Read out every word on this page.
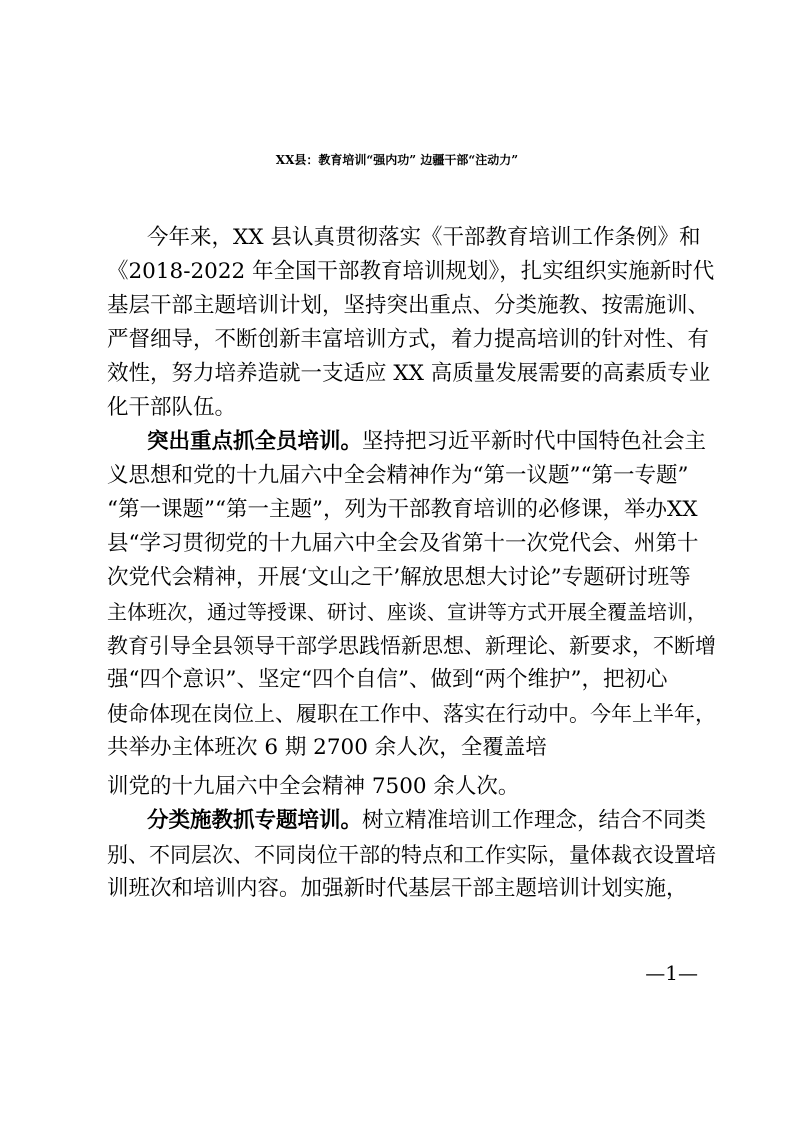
XX县：教育培训“强内功” 边疆干部“注动力”
今年来，XX 县认真贯彻落实《干部教育培训工作条例》和
《2018-2022 年全国干部教育培训规划》，扎实组织实施新时代
基层干部主题培训计划，坚持突出重点、分类施教、按需施训、
严督细导，不断创新丰富培训方式，着力提高培训的针对性、有
效性，努力培养造就一支适应 XX 高质量发展需要的高素质专业
化干部队伍。
突出重点抓全员培训。坚持把习近平新时代中国特色社会主
义思想和党的十九届六中全会精神作为“第一议题”“第一专题”
“第一课题”“第一主题”，列为干部教育培训的必修课，举办XX
县“学习贯彻党的十九届六中全会及省第十一次党代会、州第十
次党代会精神，开展‘文山之干’解放思想大讨论”专题研讨班等
主体班次，通过等授课、研讨、座谈、宣讲等方式开展全覆盖培训，
教育引导全县领导干部学思践悟新思想、新理论、新要求，不断增
强“四个意识”、坚定“四个自信”、做到“两个维护”，把初心
使命体现在岗位上、履职在工作中、落实在行动中。今年上半年，
共举办主体班次 6 期 2700 余人次，全覆盖培
训党的十九届六中全会精神 7500 余人次。
分类施教抓专题培训。树立精准培训工作理念，结合不同类
别、不同层次、不同岗位干部的特点和工作实际，量体裁衣设置培
训班次和培训内容。加强新时代基层干部主题培训计划实施，
—1—
